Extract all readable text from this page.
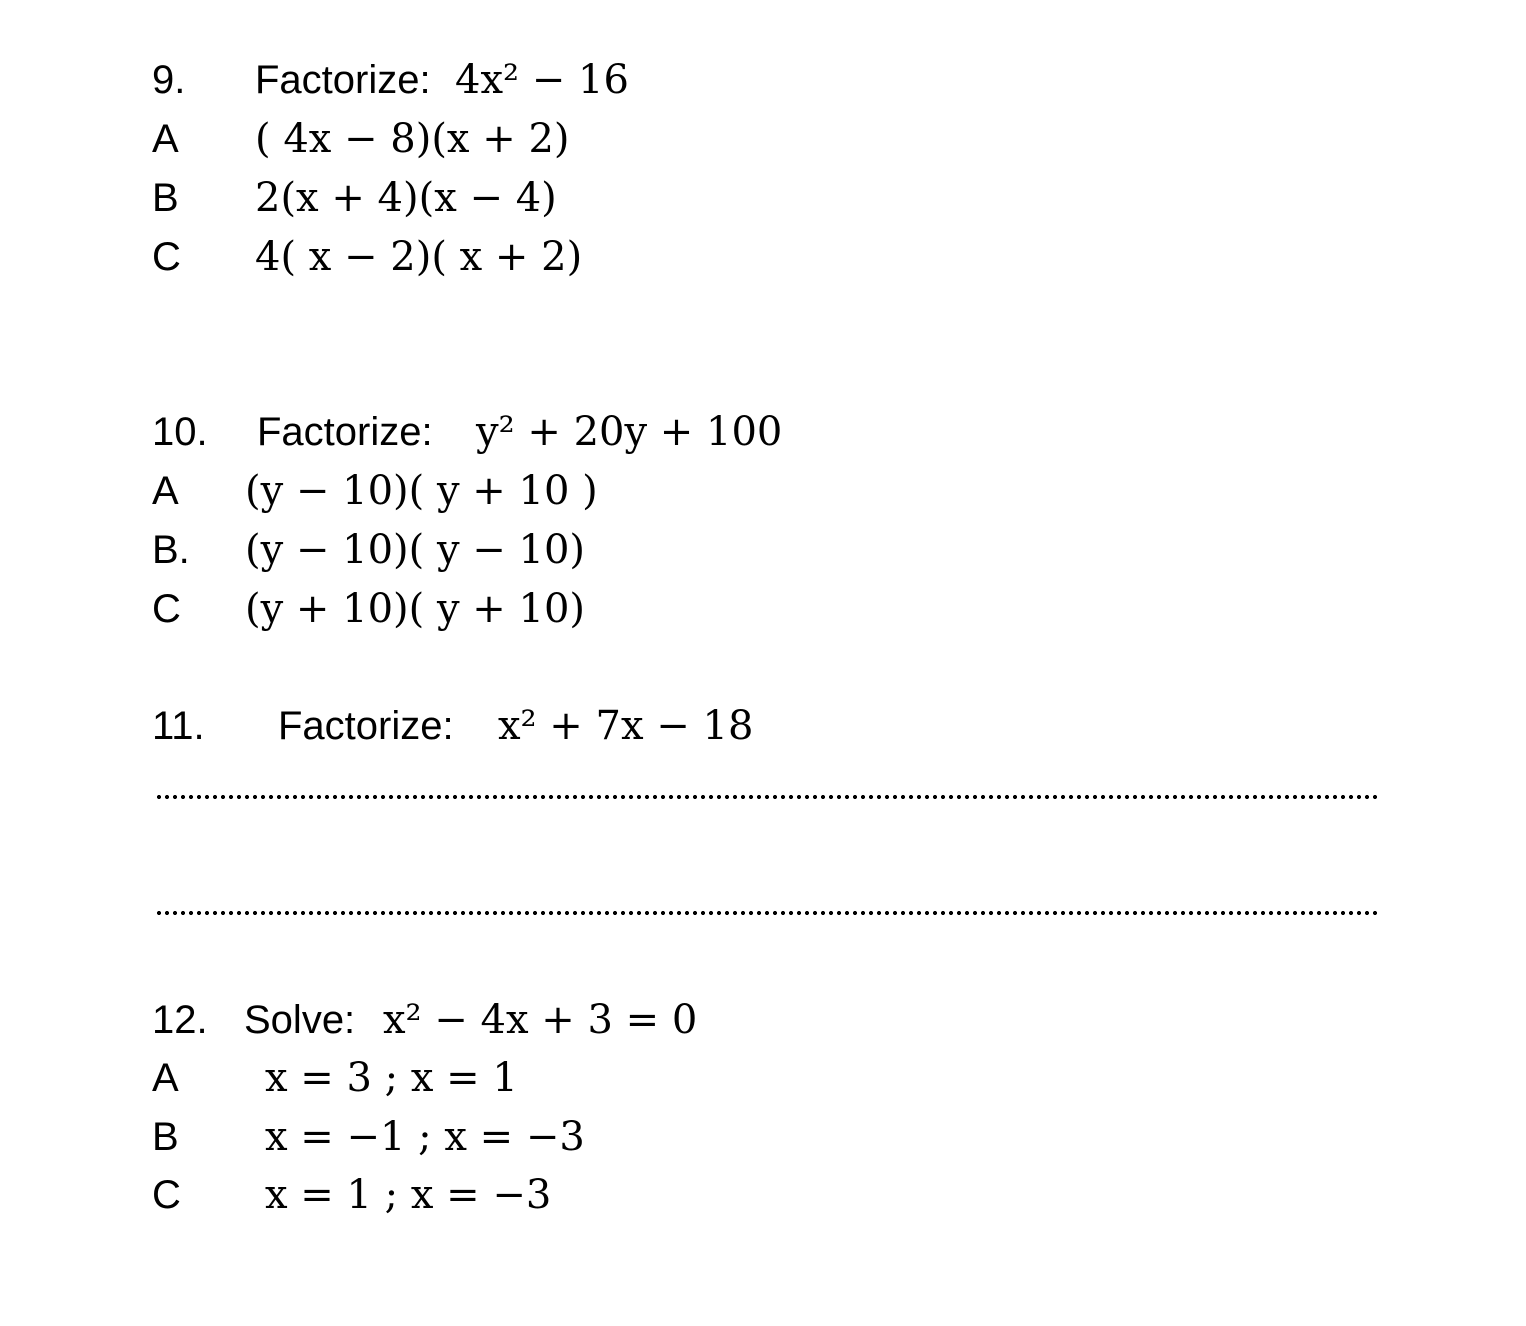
9. Factorize: 4x² − 16
A ( 4x − 8)(x + 2)
B 2(x + 4)(x − 4)
C 4( x − 2)( x + 2)
10. Factorize: y² + 20y + 100
A (y − 10)( y + 10 )
B. (y − 10)( y − 10)
C (y + 10)( y + 10)
11. Factorize: x² + 7x − 18
12. Solve: x² − 4x + 3 = 0
A x = 3 ; x = 1
B x = −1 ; x = −3
C x = 1 ; x = −3
